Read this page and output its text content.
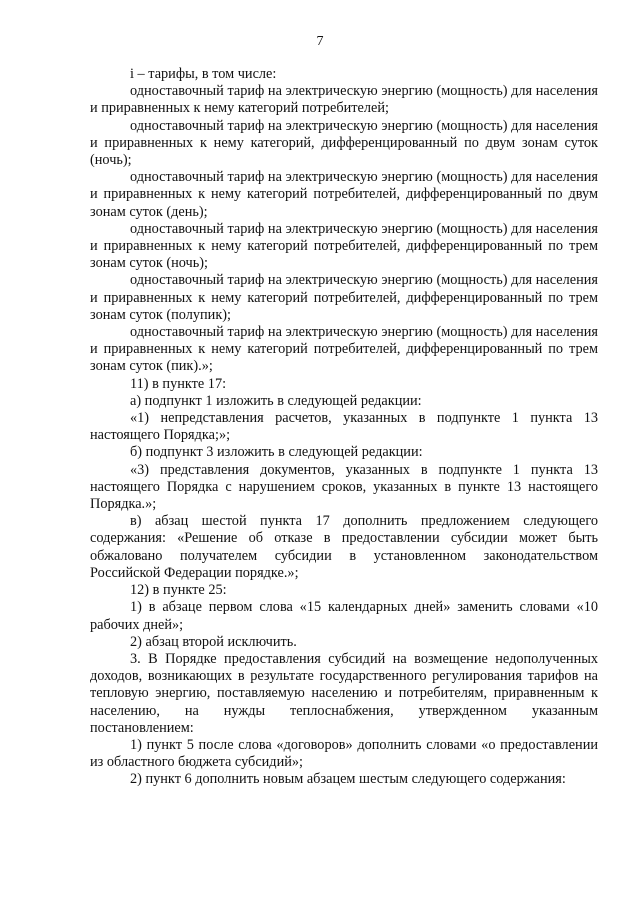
7

i – тарифы, в том числе:

одноставочный тариф на электрическую энергию (мощность) для населения и приравненных к нему категорий потребителей;

одноставочный тариф на электрическую энергию (мощность) для населения и приравненных к нему категорий, дифференцированный по двум зонам суток (ночь);

одноставочный тариф на электрическую энергию (мощность) для населения и приравненных к нему категорий потребителей, дифференцированный по двум зонам суток (день);

одноставочный тариф на электрическую энергию (мощность) для населения и приравненных к нему категорий потребителей, дифференцированный по трем зонам суток (ночь);

одноставочный тариф на электрическую энергию (мощность) для населения и приравненных к нему категорий потребителей, дифференцированный по трем зонам суток (полупик);

одноставочный тариф на электрическую энергию (мощность) для населения и приравненных к нему категорий потребителей, дифференцированный по трем зонам суток (пик).»;

11) в пункте 17:

а) подпункт 1 изложить в следующей редакции:

«1) непредставления расчетов, указанных в подпункте 1 пункта 13 настоящего Порядка;»;

б) подпункт 3 изложить в следующей редакции:

«3) представления документов, указанных в подпункте 1 пункта 13 настоящего Порядка с нарушением сроков, указанных в пункте 13 настоящего Порядка.»;

в) абзац шестой пункта 17 дополнить предложением следующего содержания: «Решение об отказе в предоставлении субсидии может быть обжаловано получателем субсидии в установленном законодательством Российской Федерации порядке.»;

12) в пункте 25:

1) в абзаце первом слова «15 календарных дней» заменить словами «10 рабочих дней»;

2) абзац второй исключить.

3. В Порядке предоставления субсидий на возмещение недополученных доходов, возникающих в результате государственного регулирования тарифов на тепловую энергию, поставляемую населению и потребителям, приравненным к населению, на нужды теплоснабжения, утвержденном указанным постановлением:

1) пункт 5 после слова «договоров» дополнить словами «о предоставлении из областного бюджета субсидий»;

2) пункт 6 дополнить новым абзацем шестым следующего содержания:
